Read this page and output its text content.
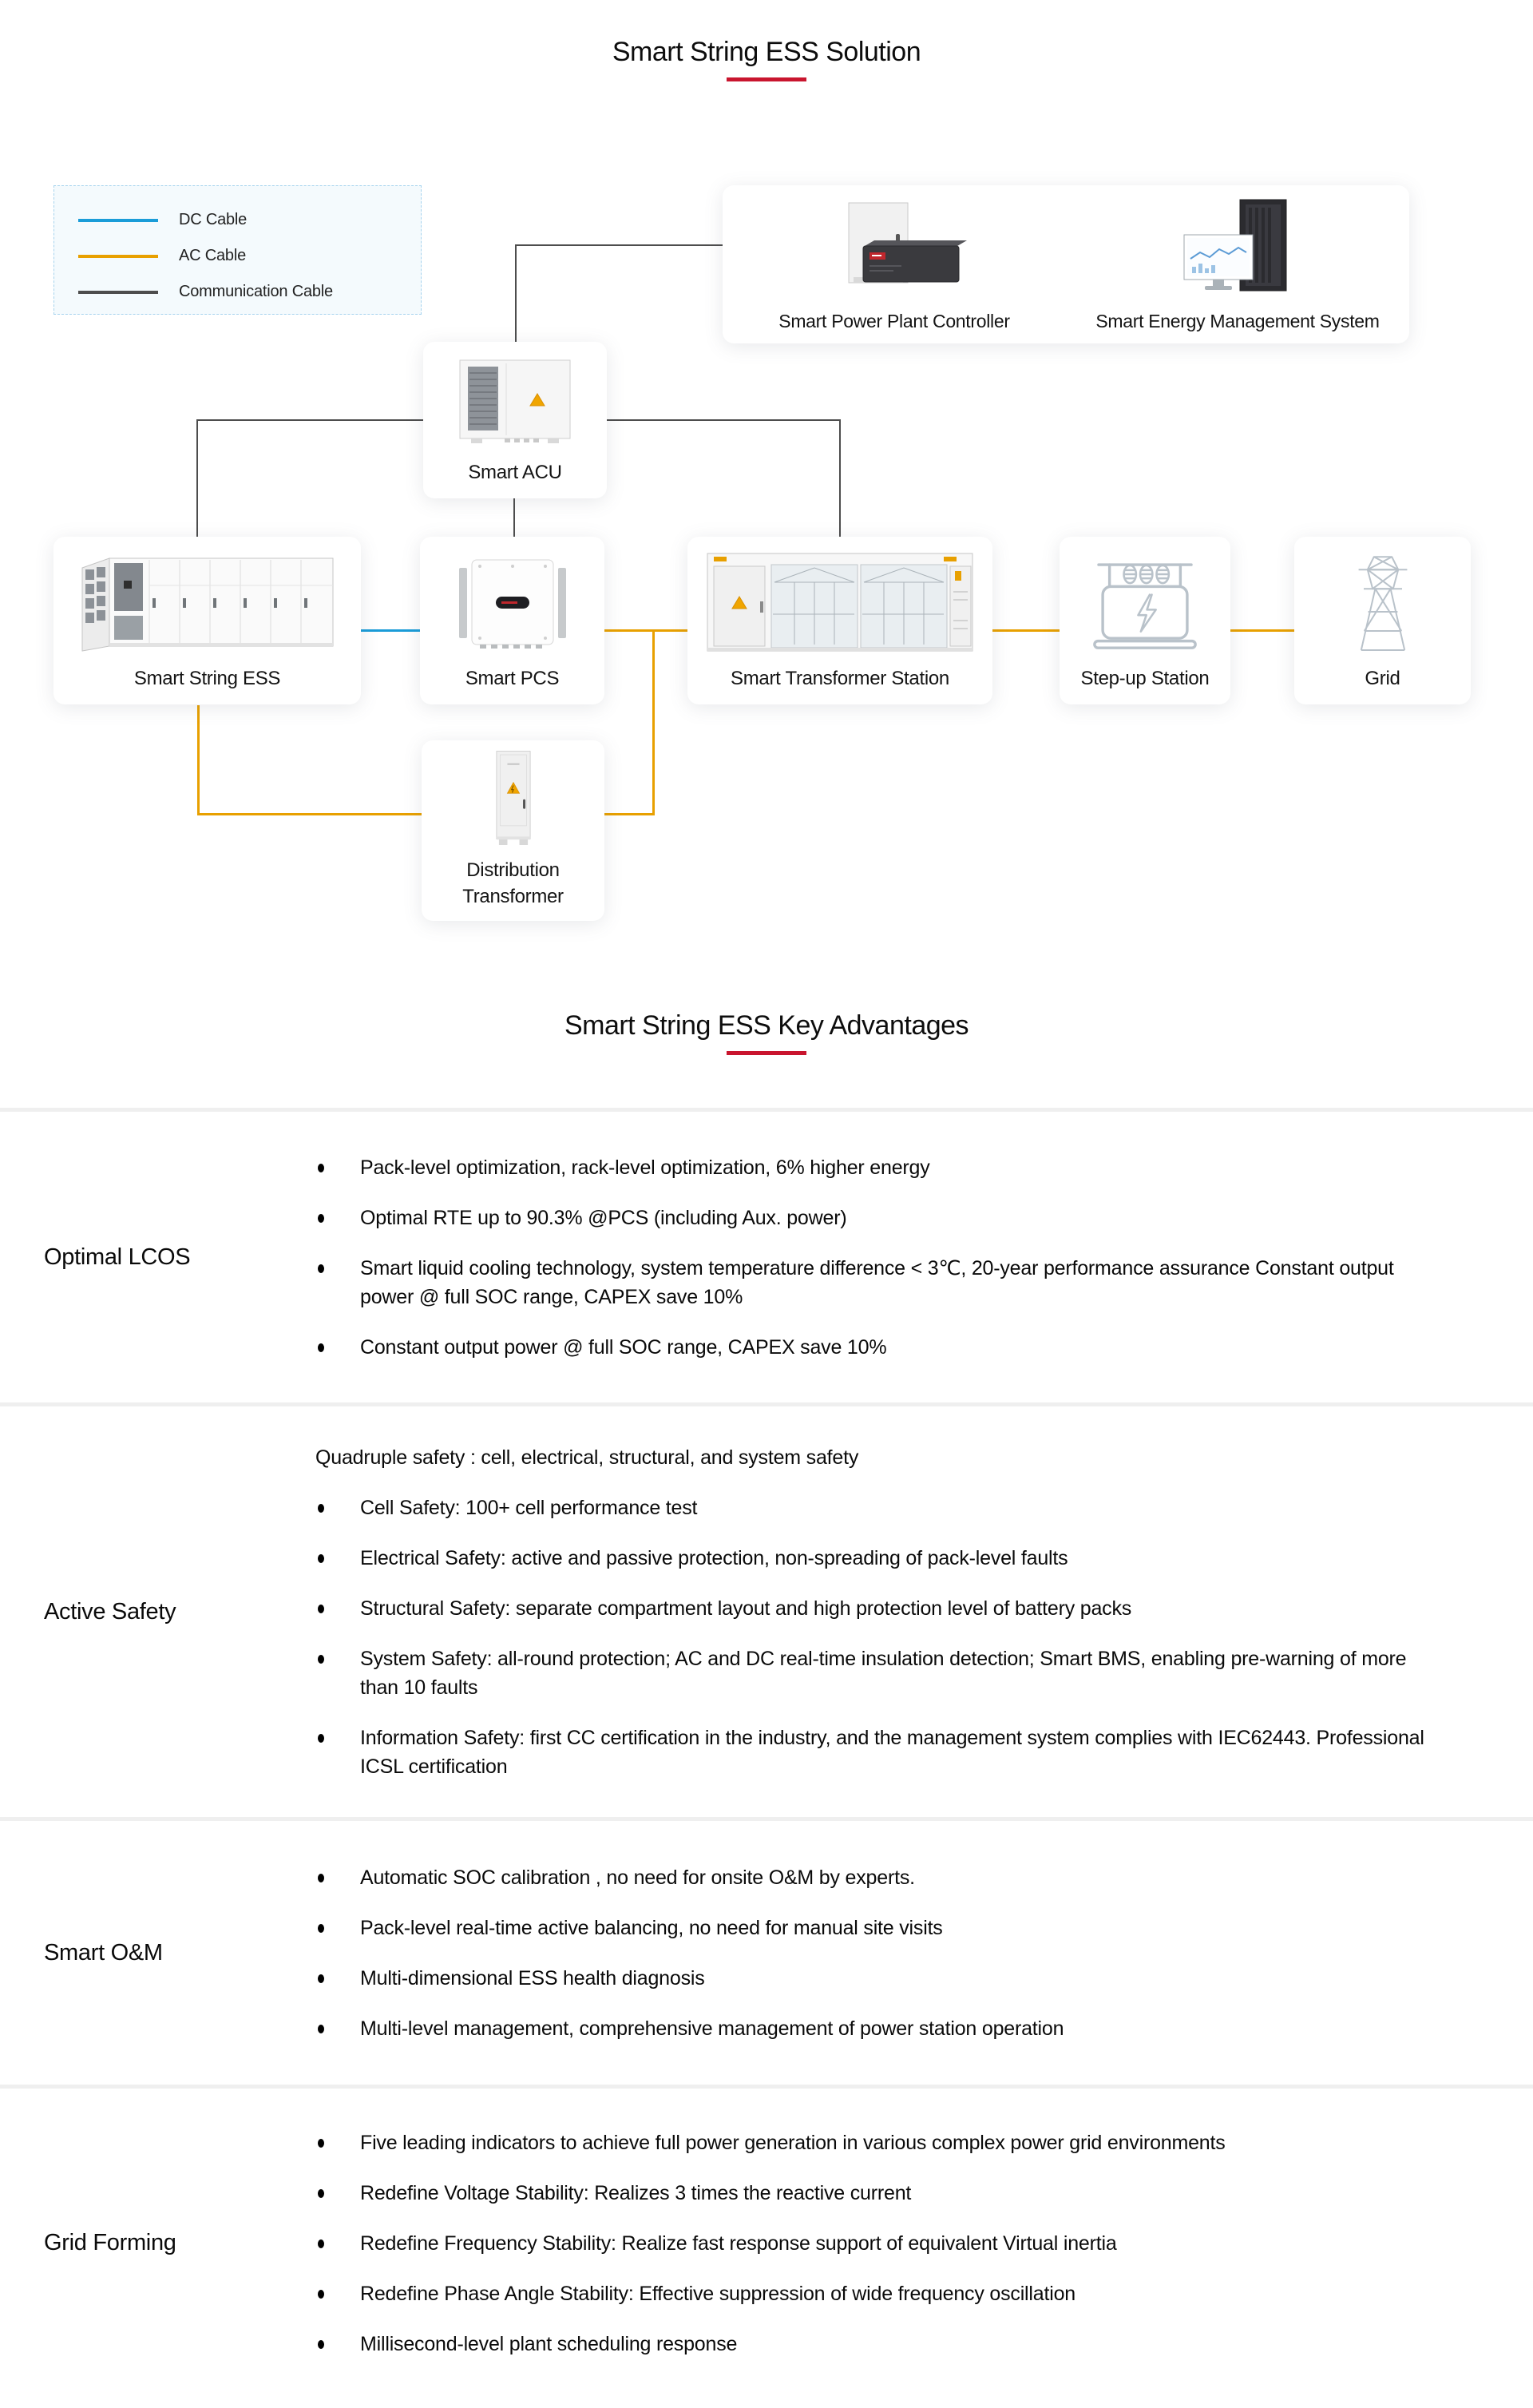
Smart String ESS Solution
DC Cable
AC Cable
Communication Cable
Smart Power Plant Controller	Smart Energy Management System
Smart ACU
Smart String ESS	Smart PCS	Smart Transformer Station	Step-up Station	Grid
Distribution
Transformer
Smart String ESS Key Advantages
Optimal LCOS
Pack-level optimization, rack-level optimization, 6% higher energy
Optimal RTE up to 90.3% @PCS (including Aux. power)
Smart liquid cooling technology, system temperature difference < 3℃, 20-year performance assurance Constant output power @ full SOC range, CAPEX save 10%
Constant output power @ full SOC range, CAPEX save 10%
Active Safety
Quadruple safety : cell, electrical, structural, and system safety
Cell Safety: 100+ cell performance test
Electrical Safety: active and passive protection, non-spreading of pack-level faults
Structural Safety: separate compartment layout and high protection level of battery packs
System Safety: all-round protection; AC and DC real-time insulation detection; Smart BMS, enabling pre-warning of more than 10 faults
Information Safety: first CC certification in the industry, and the management system complies with IEC62443. Professional ICSL certification
Smart O&M
Automatic SOC calibration , no need for onsite O&M by experts.
Pack-level real-time active balancing, no need for manual site visits
Multi-dimensional ESS health diagnosis
Multi-level management, comprehensive management of power station operation
Grid Forming
Five leading indicators to achieve full power generation in various complex power grid environments
Redefine Voltage Stability: Realizes 3 times the reactive current
Redefine Frequency Stability: Realize fast response support of equivalent Virtual inertia
Redefine Phase Angle Stability: Effective suppression of wide frequency oscillation
Millisecond-level plant scheduling response
